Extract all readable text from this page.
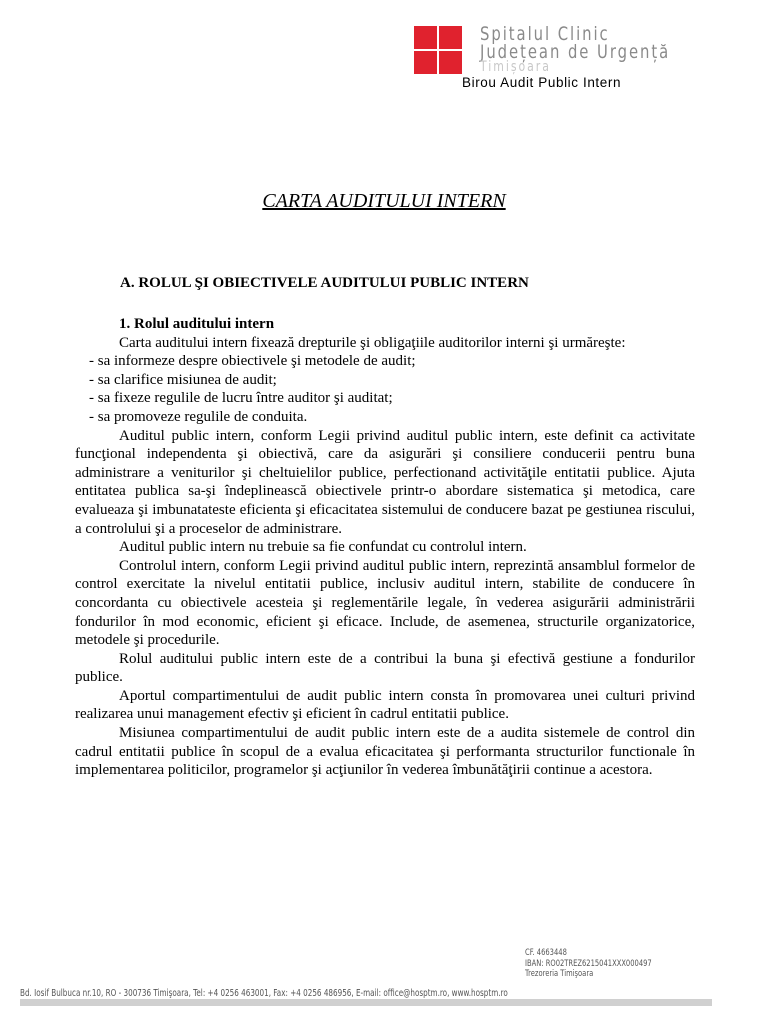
Spitalul Clinic
Județean de Urgență
Timișoara
Birou Audit Public Intern
CARTA AUDITULUI INTERN
A. ROLUL ŞI OBIECTIVELE AUDITULUI PUBLIC INTERN

1. Rolul auditului intern

Carta auditului intern fixează drepturile şi obligaţiile auditorilor interni şi urmăreşte:

- sa informeze despre obiectivele şi metodele de audit;

- sa clarifice misiunea de audit;

- sa fixeze regulile de lucru între auditor şi auditat;

- sa promoveze regulile de conduita.

Auditul public intern, conform Legii privind auditul public intern, este definit ca activitate funcţional independenta şi obiectivă, care da asigurări şi consiliere conducerii pentru buna administrare a veniturilor şi cheltuielilor publice, perfectionand activităţile entitatii publice. Ajuta entitatea publica sa-şi îndeplinească obiectivele printr-o abordare sistematica şi metodica, care evalueaza şi imbunatateste eficienta şi eficacitatea sistemului de conducere bazat pe gestiunea riscului, a controlului şi a proceselor de administrare.

Auditul public intern nu trebuie sa fie confundat cu controlul intern.

Controlul intern, conform Legii privind auditul public intern, reprezintă ansamblul formelor de control exercitate la nivelul entitatii publice, inclusiv auditul intern, stabilite de conducere în concordanta cu obiectivele acesteia şi reglementările legale, în vederea asigurării administrării fondurilor în mod economic, eficient şi eficace. Include, de asemenea, structurile organizatorice, metodele şi procedurile.

Rolul auditului public intern este de a contribui la buna şi efectivă gestiune a fondurilor publice.

Aportul compartimentului de audit public intern consta în promovarea unei culturi privind realizarea unui management efectiv şi eficient în cadrul entitatii publice.

Misiunea compartimentului de audit public intern este de a audita sistemele de control din cadrul entitatii publice în scopul de a evalua eficacitatea şi performanta structurilor functionale în implementarea politicilor, programelor şi acţiunilor în vederea îmbunătăţirii continue a acestora.

CF. 4663448
IBAN: RO02TREZ6215041XXX000497
Trezoreria Timişoara
Bd. Iosif Bulbuca nr.10, RO - 300736 Timişoara, Tel: +4 0256 463001, Fax: +4 0256 486956, E-mail: office@hosptm.ro, www.hosptm.ro
